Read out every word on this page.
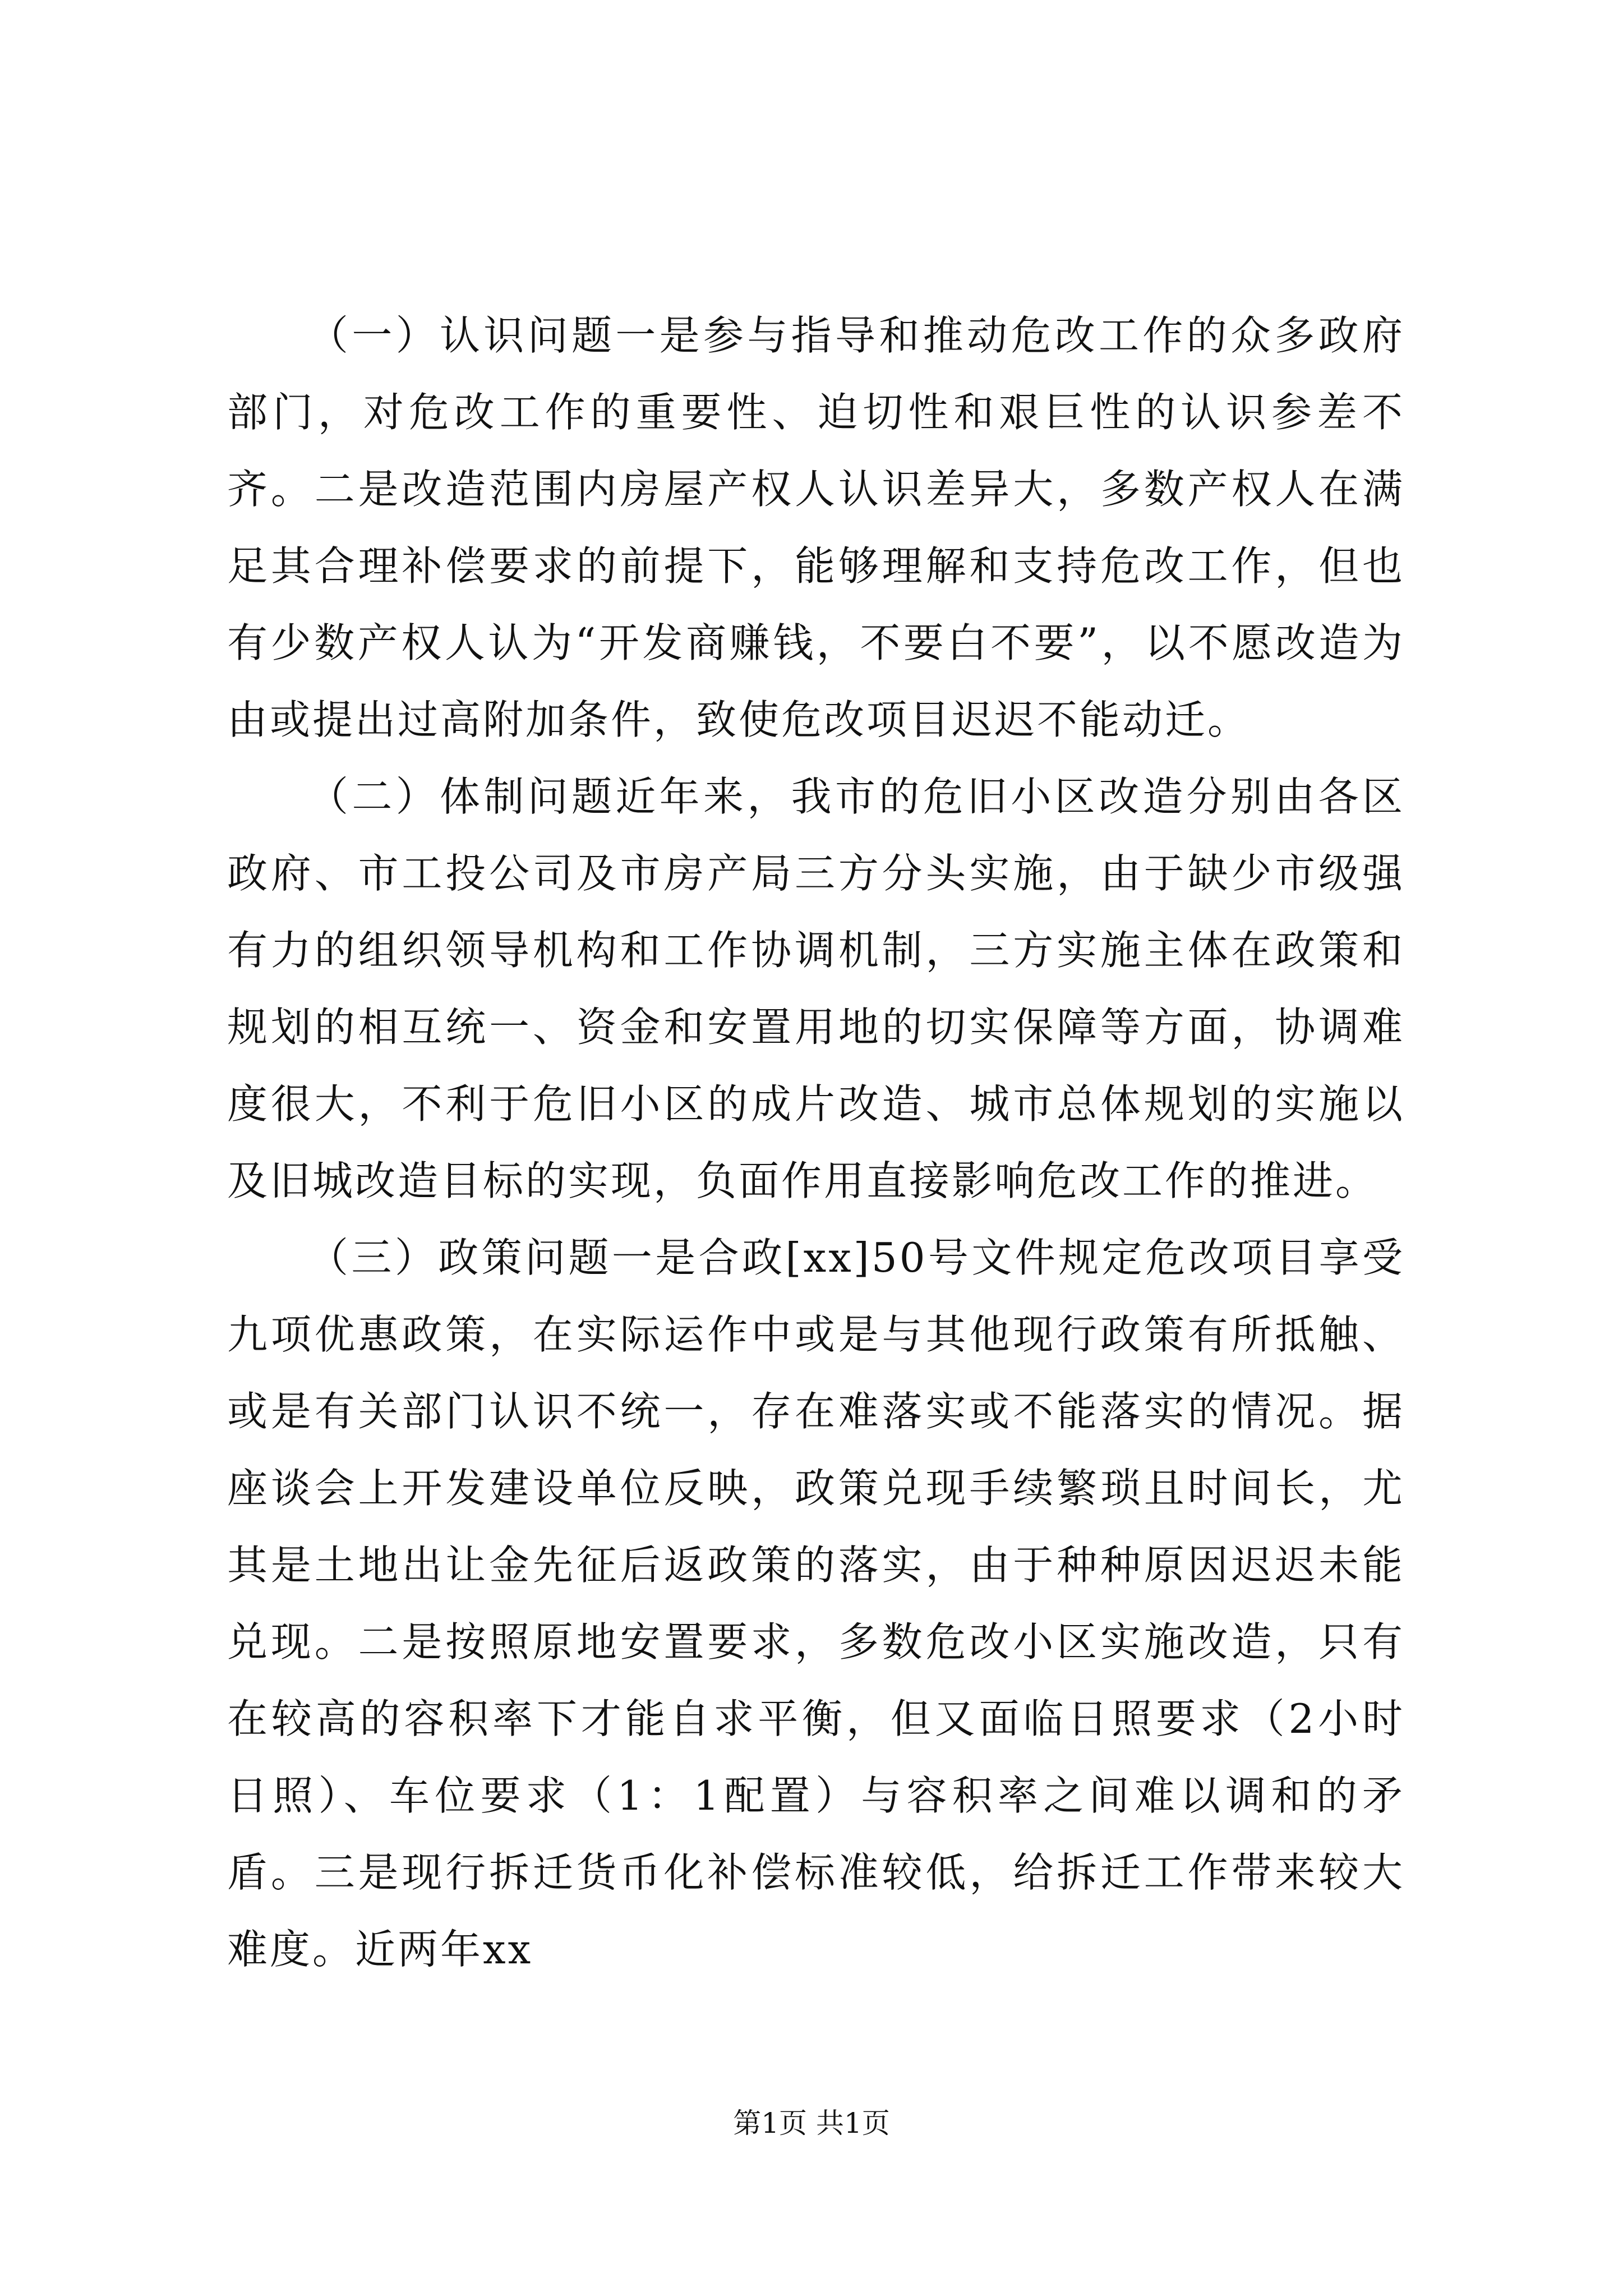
（一）认识问题一是参与指导和推动危改工作的众多政府部门，对危改工作的重要性、迫切性和艰巨性的认识参差不齐。二是改造范围内房屋产权人认识差异大，多数产权人在满足其合理补偿要求的前提下，能够理解和支持危改工作，但也有少数产权人认为“开发商赚钱，不要白不要”，以不愿改造为由或提出过高附加条件，致使危改项目迟迟不能动迁。

（二）体制问题近年来，我市的危旧小区改造分别由各区政府、市工投公司及市房产局三方分头实施，由于缺少市级强有力的组织领导机构和工作协调机制，三方实施主体在政策和规划的相互统一、资金和安置用地的切实保障等方面，协调难度很大，不利于危旧小区的成片改造、城市总体规划的实施以及旧城改造目标的实现，负面作用直接影响危改工作的推进。

（三）政策问题一是合政[xx]50号文件规定危改项目享受九项优惠政策，在实际运作中或是与其他现行政策有所抵触、或是有关部门认识不统一，存在难落实或不能落实的情况。据座谈会上开发建设单位反映，政策兑现手续繁琐且时间长，尤其是土地出让金先征后返政策的落实，由于种种原因迟迟未能兑现。二是按照原地安置要求，多数危改小区实施改造，只有在较高的容积率下才能自求平衡，但又面临日照要求（2小时日照）、车位要求（1：1配置）与容积率之间难以调和的矛盾。三是现行拆迁货币化补偿标准较低，给拆迁工作带来较大难度。近两年xx

第1页 共1页
